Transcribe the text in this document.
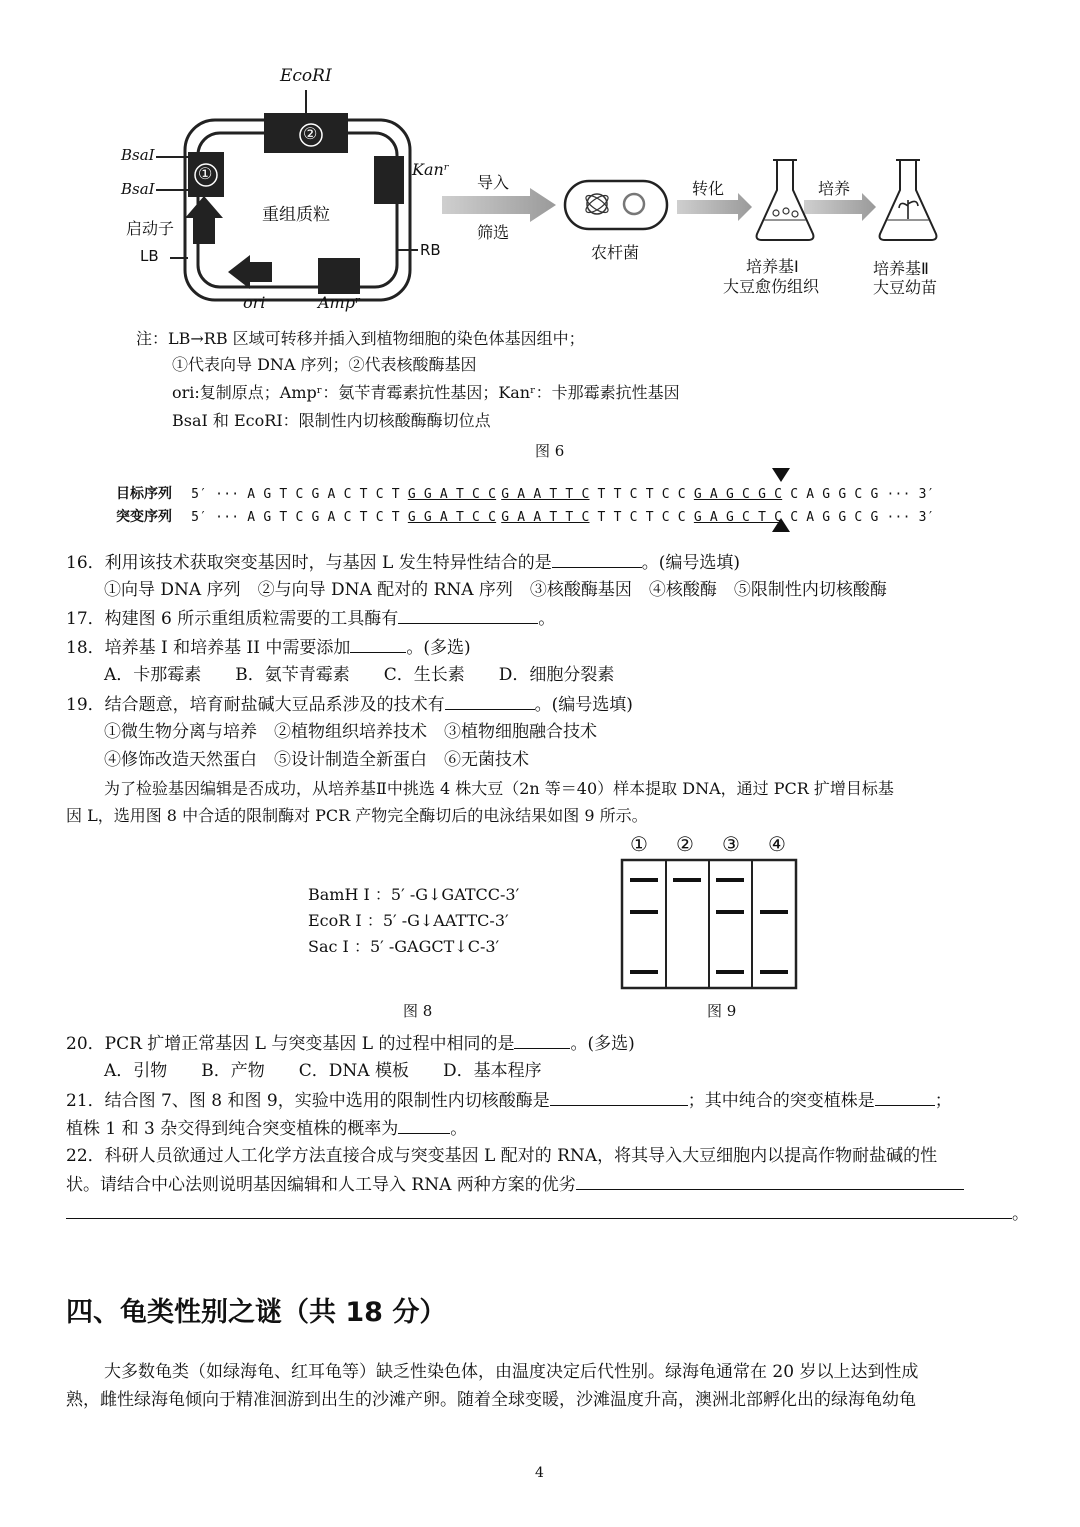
EcoRI
BsaⅠ
BsaⅠ
①
②
启动子
LB
重组质粒
Kanʳ
RB
ori	Ampʳ
导入
筛选
农杆菌
转化	培养
培养基Ⅰ
大豆愈伤组织
培养基Ⅱ
大豆幼苗
注：LB→RB 区域可转移并插入到植物细胞的染色体基因组中；
①代表向导 DNA 序列；②代表核酸酶基因
ori:复制原点；Ampʳ：氨苄青霉素抗性基因；Kanʳ：卡那霉素抗性基因
BsaⅠ 和 EcoRI：限制性内切核酸酶酶切位点
图 6
目标序列 5′ ··· A G T C G A C T C T G G A T C C G A A T T C T T C T C C G A G C G C C A G G C G ··· 3′
突变序列 5′ ··· A G T C G A C T C T G G A T C C G A A T T C T T C T C C G A G C T C C A G G C G ··· 3′
16．利用该技术获取突变基因时，与基因 L 发生特异性结合的是	。(编号选填)
①向导 DNA 序列　②与向导 DNA 配对的 RNA 序列　③核酸酶基因　④核酸酶　⑤限制性内切核酸酶
17．构建图 6 所示重组质粒需要的工具酶有	。
18．培养基 I 和培养基 II 中需要添加	。(多选)
A．卡那霉素　　B．氨苄青霉素　　C．生长素　　D．细胞分裂素
19．结合题意，培育耐盐碱大豆品系涉及的技术有	。(编号选填)
①微生物分离与培养　②植物组织培养技术　③植物细胞融合技术
④修饰改造天然蛋白　⑤设计制造全新蛋白　⑥无菌技术
为了检验基因编辑是否成功，从培养基Ⅱ中挑选 4 株大豆（2n 等＝40）样本提取 DNA，通过 PCR 扩增目标基
因 L，选用图 8 中合适的限制酶对 PCR 产物完全酶切后的电泳结果如图 9 所示。
BamH Ⅰ ：5′ -G↓GATCC-3′
EcoR Ⅰ ：5′ -G↓AATTC-3′
Sac Ⅰ ：5′ -GAGCT↓C-3′
图 8
① ② ③ ④
图 9
20．PCR 扩增正常基因 L 与突变基因 L 的过程中相同的是	。(多选)
A．引物　　B．产物　　C．DNA 模板　　D．基本程序
21．结合图 7、图 8 和图 9，实验中选用的限制性内切核酸酶是	；其中纯合的突变植株是	；
植株 1 和 3 杂交得到纯合突变植株的概率为	。
22．科研人员欲通过人工化学方法直接合成与突变基因 L 配对的 RNA，将其导入大豆细胞内以提高作物耐盐碱的性
状。请结合中心法则说明基因编辑和人工导入 RNA 两种方案的优劣
。
四、龟类性别之谜（共 18 分）
大多数龟类（如绿海龟、红耳龟等）缺乏性染色体，由温度决定后代性别。绿海龟通常在 20 岁以上达到性成
熟，雌性绿海龟倾向于精准洄游到出生的沙滩产卵。随着全球变暖，沙滩温度升高，澳洲北部孵化出的绿海龟幼龟
4
